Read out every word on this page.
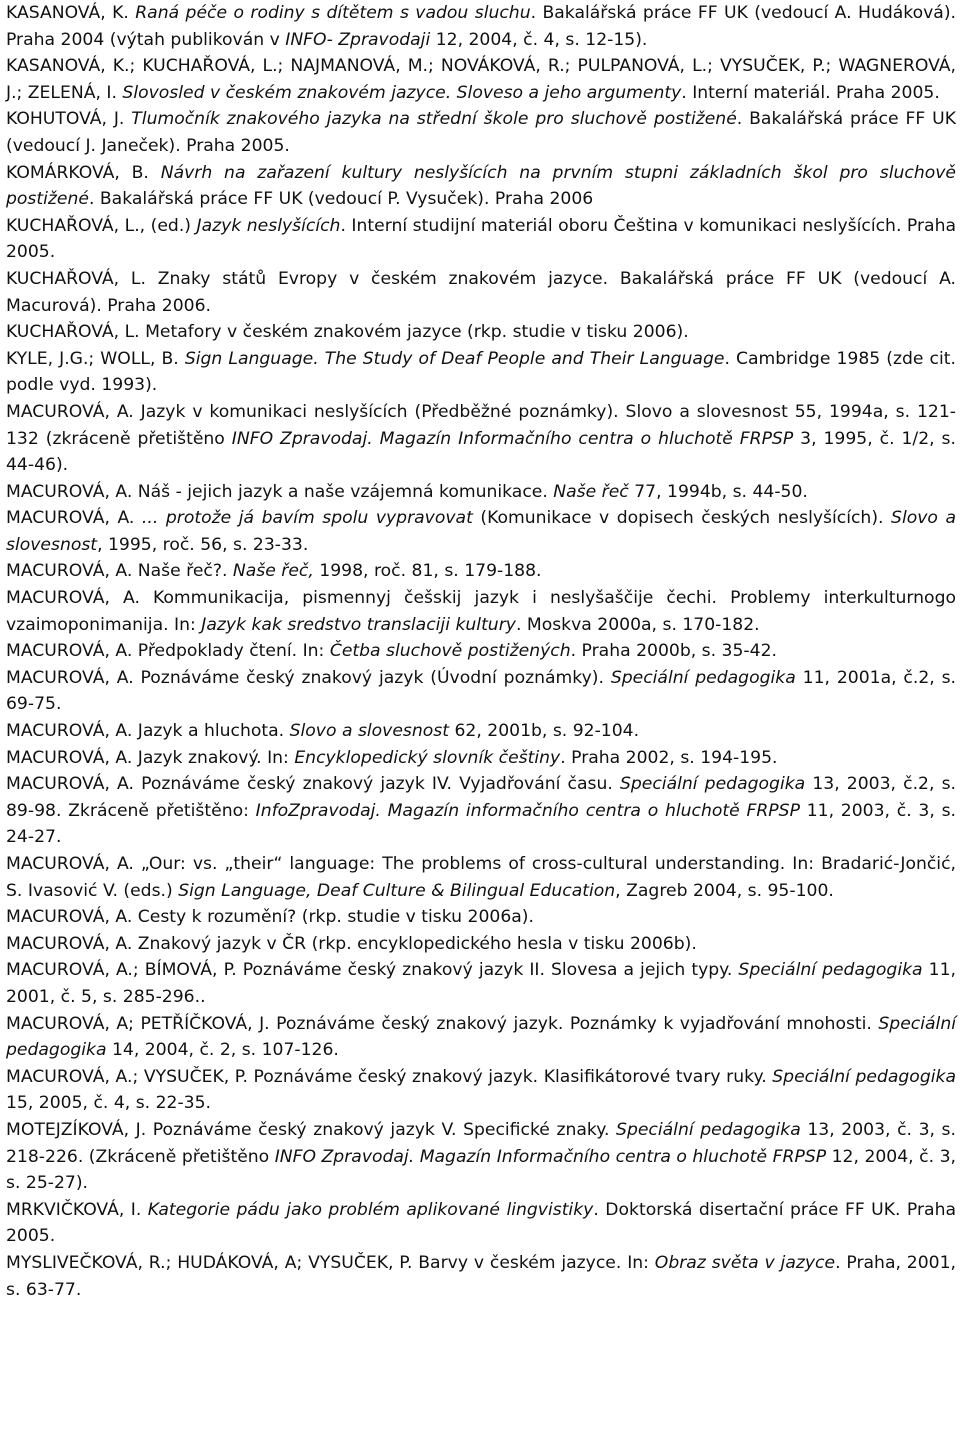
KASANOVÁ, K. Raná péče o rodiny s dítětem s vadou sluchu. Bakalářská práce FF UK (vedoucí A. Hudáková). Praha 2004 (výtah publikován v INFO- Zpravodaji 12, 2004, č. 4, s. 12-15).

KASANOVÁ, K.; KUCHAŘOVÁ, L.; NAJMANOVÁ, M.; NOVÁKOVÁ, R.; PULPANOVÁ, L.; VYSUČEK, P.; WAGNEROVÁ, J.; ZELENÁ, I. Slovosled v českém znakovém jazyce. Sloveso a jeho argumenty. Interní materiál. Praha 2005.

KOHUTOVÁ, J. Tlumočník znakového jazyka na střední škole pro sluchově postižené. Bakalářská práce FF UK (vedoucí J. Janeček). Praha 2005.

KOMÁRKOVÁ, B. Návrh na zařazení kultury neslyšících na prvním stupni základních škol pro sluchově postižené. Bakalářská práce FF UK (vedoucí P. Vysuček). Praha 2006

KUCHAŘOVÁ, L., (ed.) Jazyk neslyšících. Interní studijní materiál oboru Čeština v komunikaci neslyšících. Praha 2005.

KUCHAŘOVÁ, L. Znaky států Evropy v českém znakovém jazyce. Bakalářská práce FF UK (vedoucí A. Macurová). Praha 2006.

KUCHAŘOVÁ, L. Metafory v českém znakovém jazyce (rkp. studie v tisku 2006).

KYLE, J.G.; WOLL, B. Sign Language. The Study of Deaf People and Their Language. Cambridge 1985 (zde cit. podle vyd. 1993).

MACUROVÁ, A. Jazyk v komunikaci neslyšících (Předběžné poznámky). Slovo a slovesnost 55, 1994a, s. 121-132 (zkráceně přetištěno INFO Zpravodaj. Magazín Informačního centra o hluchotě FRPSP 3, 1995, č. 1/2, s. 44-46).

MACUROVÁ, A. Náš - jejich jazyk a naše vzájemná komunikace. Naše řeč 77, 1994b, s. 44-50.

MACUROVÁ, A. ... protože já bavím spolu vypravovat (Komunikace v dopisech českých neslyšících). Slovo a slovesnost, 1995, roč. 56, s. 23-33.

MACUROVÁ, A. Naše řeč?. Naše řeč, 1998, roč. 81, s. 179-188.

MACUROVÁ, A. Kommunikacija, pismennyj češskij jazyk i neslyšaščije čechi. Problemy interkulturnogo vzaimoponimanija. In: Jazyk kak sredstvo translaciji kultury. Moskva 2000a, s. 170-182.

MACUROVÁ, A. Předpoklady čtení. In: Četba sluchově postižených. Praha 2000b, s. 35-42.

MACUROVÁ, A. Poznáváme český znakový jazyk (Úvodní poznámky). Speciální pedagogika 11, 2001a, č.2, s. 69-75.

MACUROVÁ, A. Jazyk a hluchota. Slovo a slovesnost 62, 2001b, s. 92-104.

MACUROVÁ, A. Jazyk znakový. In: Encyklopedický slovník češtiny. Praha 2002, s. 194-195.

MACUROVÁ, A. Poznáváme český znakový jazyk IV. Vyjadřování času. Speciální pedagogika 13, 2003, č.2, s. 89-98. Zkráceně přetištěno: InfoZpravodaj. Magazín informačního centra o hluchotě FRPSP 11, 2003, č. 3, s. 24-27.

MACUROVÁ, A. „Our: vs. „their“ language: The problems of cross-cultural understanding. In: Bradarić-Jončić, S. Ivasović V. (eds.) Sign Language, Deaf Culture & Bilingual Education, Zagreb 2004, s. 95-100.

MACUROVÁ, A. Cesty k rozumění? (rkp. studie v tisku 2006a).

MACUROVÁ, A. Znakový jazyk v ČR (rkp. encyklopedického hesla v tisku 2006b).

MACUROVÁ, A.; BÍMOVÁ, P. Poznáváme český znakový jazyk II. Slovesa a jejich typy. Speciální pedagogika 11, 2001, č. 5, s. 285-296..

MACUROVÁ, A; PETŘÍČKOVÁ, J. Poznáváme český znakový jazyk. Poznámky k vyjadřování mnohosti. Speciální pedagogika 14, 2004, č. 2, s. 107-126.

MACUROVÁ, A.; VYSUČEK, P. Poznáváme český znakový jazyk. Klasifikátorové tvary ruky. Speciální pedagogika 15, 2005, č. 4, s. 22-35.

MOTEJZÍKOVÁ, J. Poznáváme český znakový jazyk V. Specifické znaky. Speciální pedagogika 13, 2003, č. 3, s. 218-226. (Zkráceně přetištěno INFO Zpravodaj. Magazín Informačního centra o hluchotě FRPSP 12, 2004, č. 3, s. 25-27).

MRKVIČKOVÁ, I. Kategorie pádu jako problém aplikované lingvistiky. Doktorská disertační práce FF UK. Praha 2005.

MYSLIVEČKOVÁ, R.; HUDÁKOVÁ, A; VYSUČEK, P. Barvy v českém jazyce. In: Obraz světa v jazyce. Praha, 2001, s. 63-77.
